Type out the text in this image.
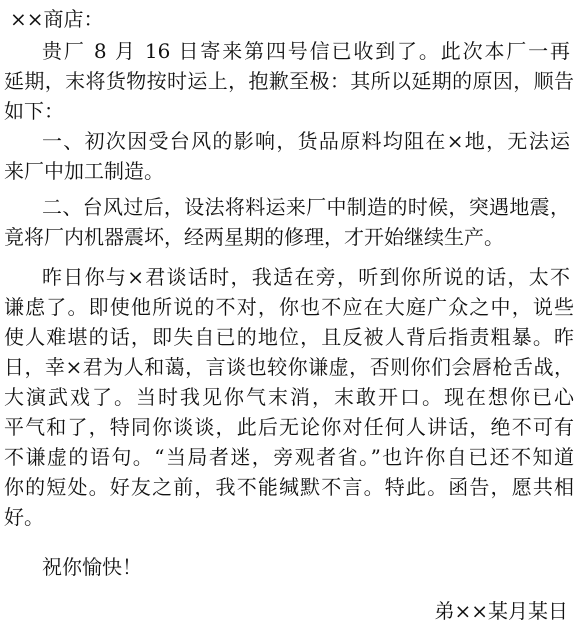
××商店：
贵厂 8 月 16 日寄来第四号信已收到了。此次本厂一再
延期，末将货物按时运上，抱歉至极：其所以延期的原因，顺告
如下：
一、初次因受台风的影响，货品原料均阻在×地，无法运
来厂中加工制造。
二、台风过后，设法将料运来厂中制造的时候，突遇地震，
竟将厂内机器震坏，经两星期的修理，才开始继续生产。
昨日你与×君谈话时，我适在旁，听到你所说的话，太不
谦虑了。即使他所说的不对，你也不应在大庭广众之中，说些
使人难堪的话，即失自已的地位，且反被人背后指责粗暴。昨
日，幸×君为人和蔼，言谈也较你谦虚，否则你们会唇枪舌战，
大演武戏了。当时我见你气末消，末敢开口。现在想你已心
平气和了，特同你谈谈，此后无论你对任何人讲话，绝不可有
不谦虚的语句。“当局者迷，旁观者省。”也许你自已还不知道
你的短处。好友之前，我不能缄默不言。特此。函告，愿共相
好。
祝你愉快！
弟××某月某日
